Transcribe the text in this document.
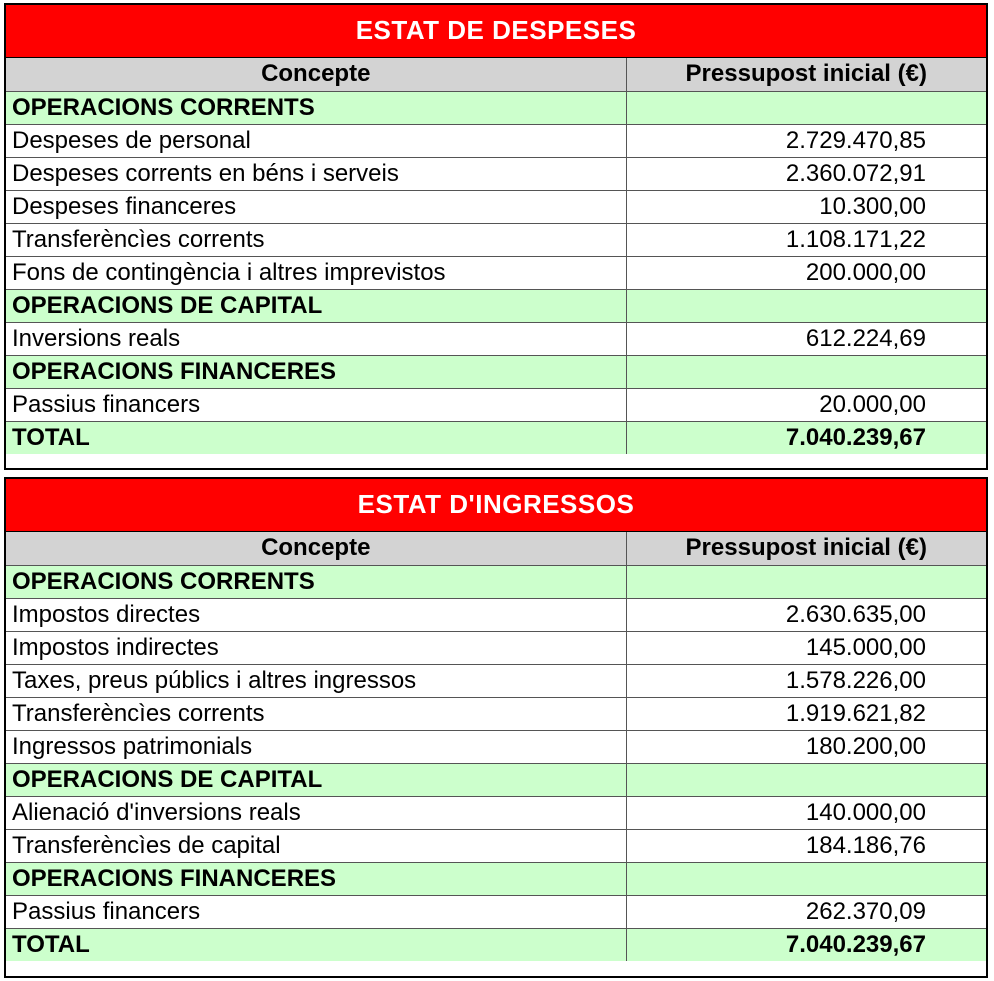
ESTAT DE DESPESES
Concepte	Pressupost inicial (€)
OPERACIONS CORRENTS	
Despeses de personal	2.729.470,85
Despeses corrents en béns i serveis	2.360.072,91
Despeses financeres	10.300,00
Transferèncìes corrents	1.108.171,22
Fons de contingència i altres imprevistos	200.000,00
OPERACIONS DE CAPITAL	
Inversions reals	612.224,69
OPERACIONS FINANCERES	
Passius financers	20.000,00
TOTAL	7.040.239,67
ESTAT D'INGRESSOS
Concepte	Pressupost inicial (€)
OPERACIONS CORRENTS	
Impostos directes	2.630.635,00
Impostos indirectes	145.000,00
Taxes, preus públics i altres ingressos	1.578.226,00
Transferèncìes corrents	1.919.621,82
Ingressos patrimonials	180.200,00
OPERACIONS DE CAPITAL	
Alienació d'inversions reals	140.000,00
Transferèncìes de capital	184.186,76
OPERACIONS FINANCERES	
Passius financers	262.370,09
TOTAL	7.040.239,67
